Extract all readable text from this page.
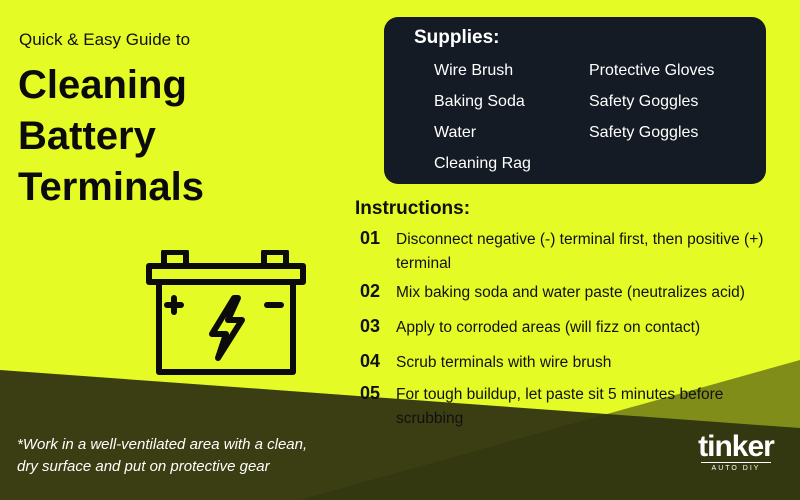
Quick & Easy Guide to
Cleaning
Battery
Terminals
Supplies:
Wire Brush
Baking Soda
Water
Cleaning Rag
Protective Gloves
Safety Goggles
Safety Goggles
Instructions:
01 Disconnect negative (-) terminal first, then positive (+) terminal
02 Mix baking soda and water paste (neutralizes acid)
03 Apply to corroded areas (will fizz on contact)
04 Scrub terminals with wire brush
05 For tough buildup, let paste sit 5 minutes before scrubbing
*Work in a well-ventilated area with a clean,
dry surface and put on protective gear
tinker
AUTO DIY
